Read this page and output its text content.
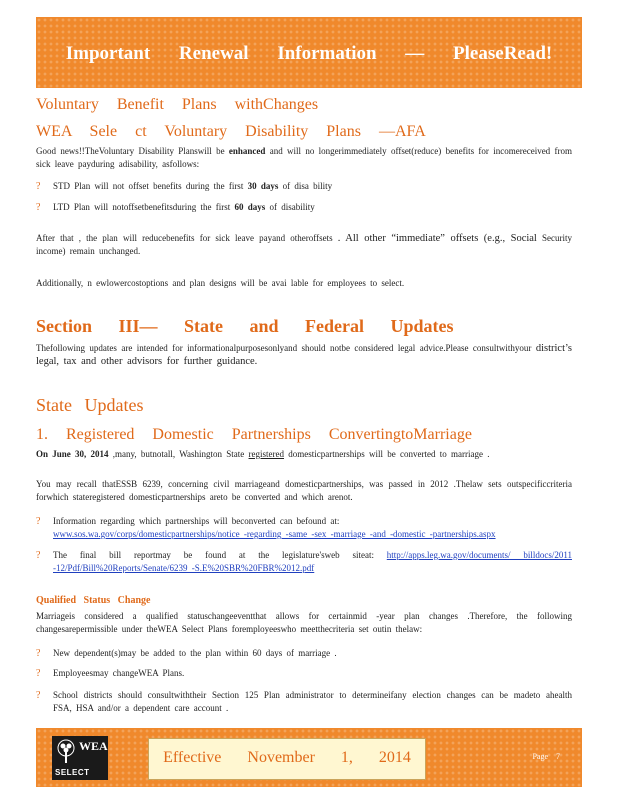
Important Renewal Information — PleaseRead!
Voluntary Benefit Plans withChanges
WEA Sele ct Voluntary Disability Plans —AFA
Good news!!TheVoluntary Disability Planswill be enhanced and will no longerimmediately offset(reduce) benefits for incomereceived from sick leave payduring adisability, asfollows:
? STD Plan will not offset benefits during the first 30 days of disa bility
? LTD Plan will notoffsetbenefitsduring the first 60 days of disability
After that , the plan will reducebenefits for sick leave payand otheroffsets . All other “immediate” offsets (e.g., Social Security income) remain unchanged.
Additionally, n ewlowercostoptions and plan designs will be avai lable for employees to select.
Section III— State and Federal Updates
Thefollowing updates are intended for informationalpurposesonlyand should notbe considered legal advice.Please consultwithyour district’s legal, tax and other advisors for further guidance.
State Updates
1. Registered Domestic Partnerships ConvertingtoMarriage
On June 30, 2014 ,many, butnotall, Washington State registered domesticpartnerships will be converted to marriage .
You may recall thatESSB 6239, concerning civil marriageand domesticpartnerships, was passed in 2012 .Thelaw sets outspecificcriteria forwhich stateregistered domesticpartnerships areto be converted and which arenot.
? Information regarding which partnerships will beconverted can befound at:
www.sos.wa.gov/corps/domesticpartnerships/notice -regarding -same -sex -marriage -and -domestic -partnerships.aspx
? The final bill reportmay be found at the legislature'sweb siteat: http://apps.leg.wa.gov/documents/ billdocs/2011 -12/Pdf/Bill%20Reports/Senate/6239 -S.E%20SBR%20FBR%2012.pdf
Qualified Status Change
Marriageis considered a qualified statuschangeeventthat allows for certainmid -year plan changes .Therefore, the following changesarepermissible under theWEA Select Plans foremployeeswho meetthecriteria set outin thelaw:
? New dependent(s)may be added to the plan within 60 days of marriage .
? Employeesmay changeWEA Plans.
? School districts should consultwiththeir Section 125 Plan administrator to determineifany election changes can be madeto ahealth FSA, HSA and/or a dependent care account .
WEA
SELECT
Effective November 1, 2014	Page 7
